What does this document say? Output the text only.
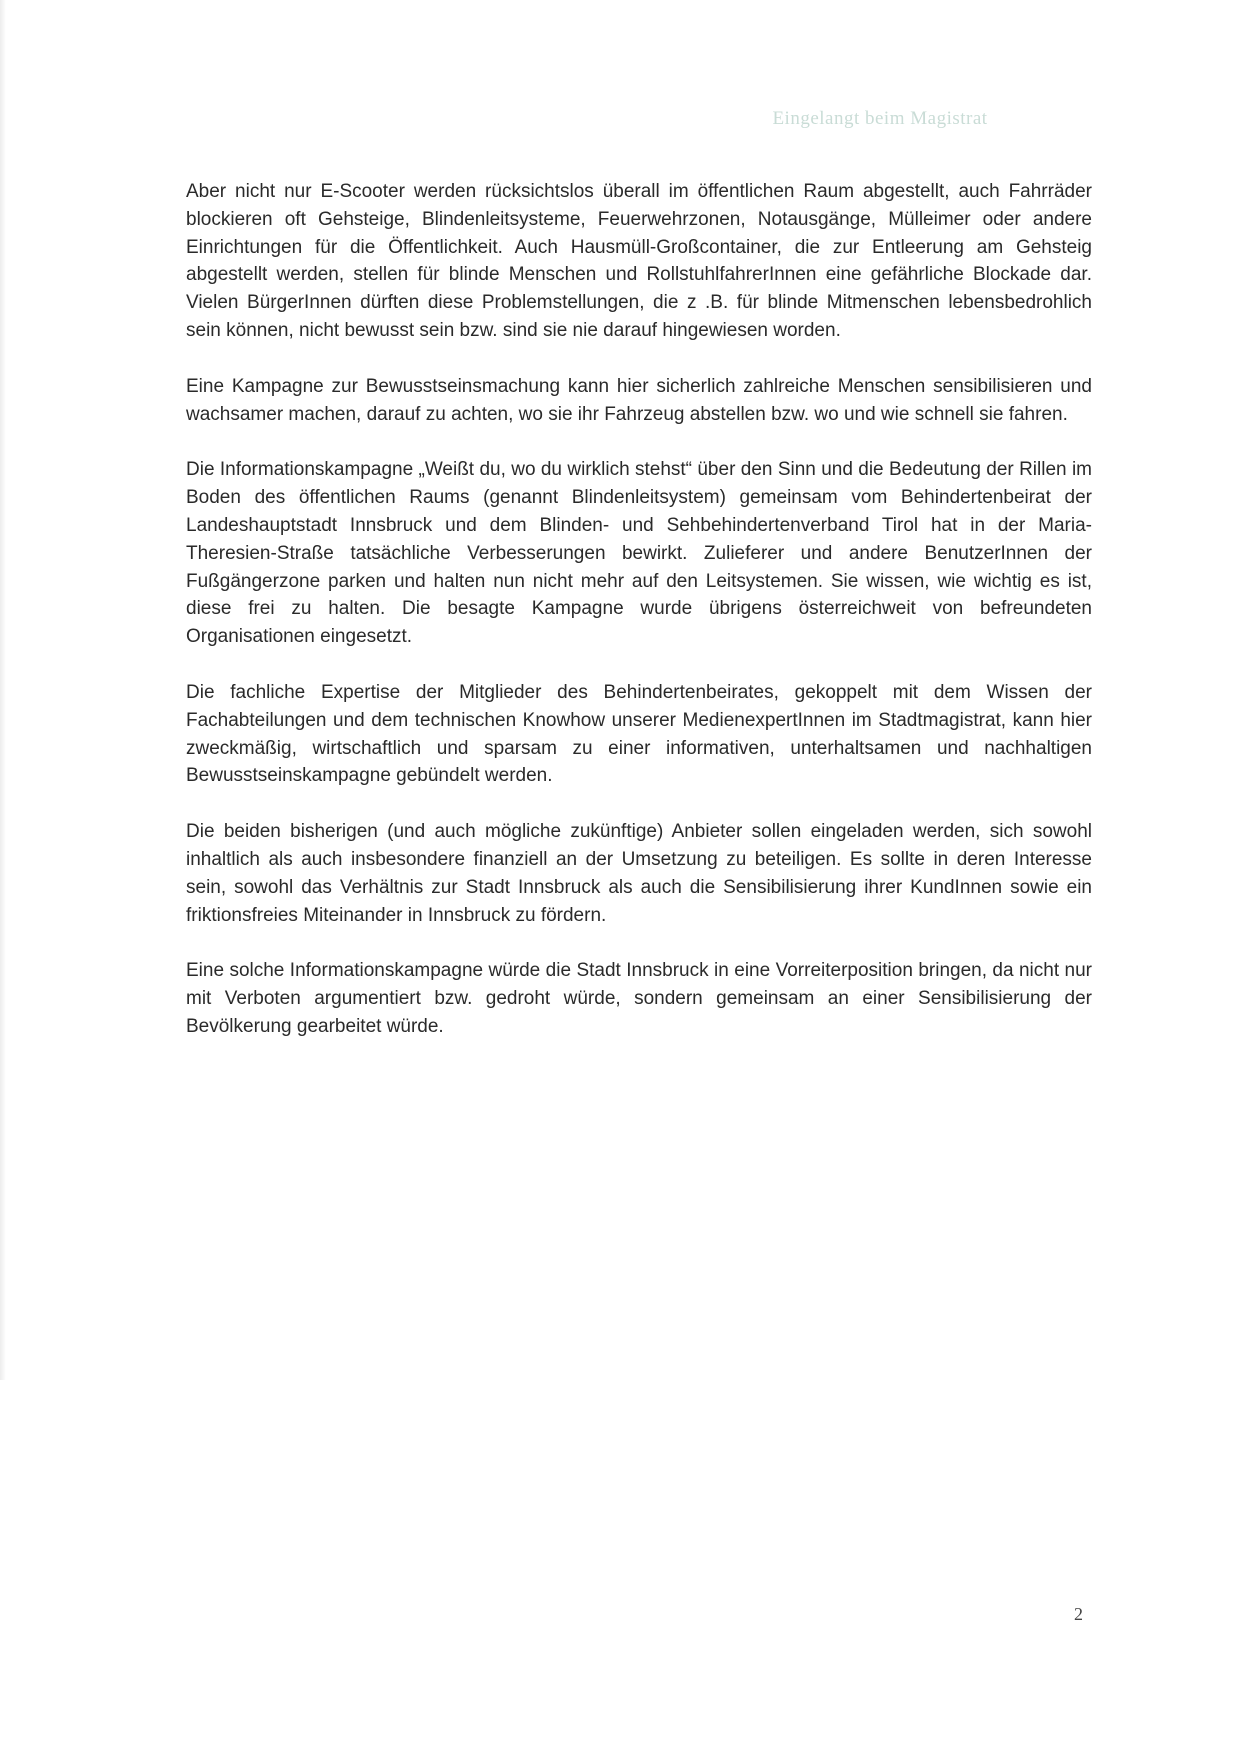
Eingelangt beim Magistrat

Aber nicht nur E-Scooter werden rücksichtslos überall im öffentlichen Raum abgestellt, auch Fahrräder blockieren oft Gehsteige, Blindenleitsysteme, Feuerwehrzonen, Notausgänge, Mülleimer oder andere Einrichtungen für die Öffentlichkeit. Auch Hausmüll-Großcontainer, die zur Entleerung am Gehsteig abgestellt werden, stellen für blinde Menschen und RollstuhlfahrerInnen eine gefährliche Blockade dar. Vielen BürgerInnen dürften diese Problemstellungen, die z .B. für blinde Mitmenschen lebensbedrohlich sein können, nicht bewusst sein bzw. sind sie nie darauf hingewiesen worden.

Eine Kampagne zur Bewusstseinsmachung kann hier sicherlich zahlreiche Menschen sensibilisieren und wachsamer machen, darauf zu achten, wo sie ihr Fahrzeug abstellen bzw. wo und wie schnell sie fahren.

Die Informationskampagne „Weißt du, wo du wirklich stehst“ über den Sinn und die Bedeutung der Rillen im Boden des öffentlichen Raums (genannt Blindenleitsystem) gemeinsam vom Behindertenbeirat der Landeshauptstadt Innsbruck und dem Blinden- und Sehbehindertenverband Tirol hat in der Maria-Theresien-Straße tatsächliche Verbesserungen bewirkt. Zulieferer und andere BenutzerInnen der Fußgängerzone parken und halten nun nicht mehr auf den Leitsystemen. Sie wissen, wie wichtig es ist, diese frei zu halten. Die besagte Kampagne wurde übrigens österreichweit von befreundeten Organisationen eingesetzt.

Die fachliche Expertise der Mitglieder des Behindertenbeirates, gekoppelt mit dem Wissen der Fachabteilungen und dem technischen Knowhow unserer MedienexpertInnen im Stadtmagistrat, kann hier zweckmäßig, wirtschaftlich und sparsam zu einer informativen, unterhaltsamen und nachhaltigen Bewusstseinskampagne gebündelt werden.

Die beiden bisherigen (und auch mögliche zukünftige) Anbieter sollen eingeladen werden, sich sowohl inhaltlich als auch insbesondere finanziell an der Umsetzung zu beteiligen. Es sollte in deren Interesse sein, sowohl das Verhältnis zur Stadt Innsbruck als auch die Sensibilisierung ihrer KundInnen sowie ein friktionsfreies Miteinander in Innsbruck zu fördern.

Eine solche Informationskampagne würde die Stadt Innsbruck in eine Vorreiterposition bringen, da nicht nur mit Verboten argumentiert bzw. gedroht würde, sondern gemeinsam an einer Sensibilisierung der Bevölkerung gearbeitet würde.

2
